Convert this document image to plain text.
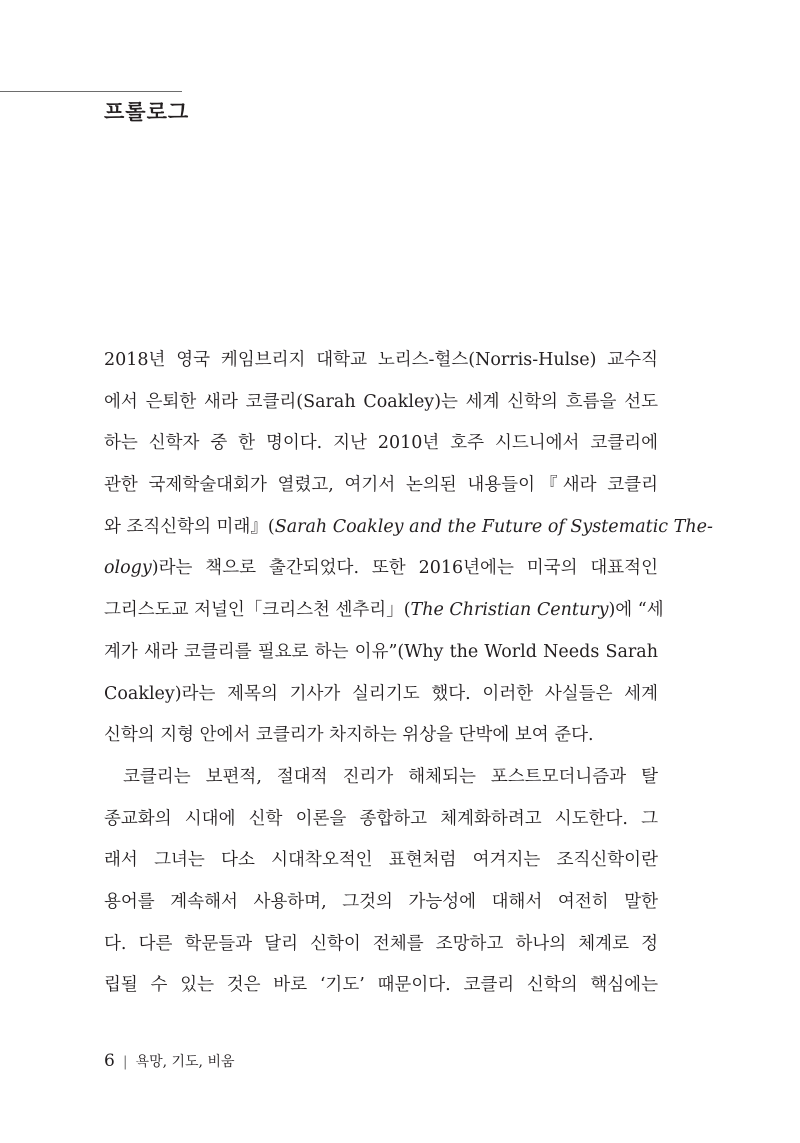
프롤로그
2018년 영국 케임브리지 대학교 노리스-헐스(Norris-Hulse) 교수직
에서 은퇴한 새라 코클리(Sarah Coakley)는 세계 신학의 흐름을 선도
하는 신학자 중 한 명이다. 지난 2010년 호주 시드니에서 코클리에
관한 국제학술대회가 열렸고, 여기서 논의된 내용들이『새라 코클리
와 조직신학의 미래』(Sarah Coakley and the Future of Systematic The-
ology)라는 책으로 출간되었다. 또한 2016년에는 미국의 대표적인
그리스도교 저널인「크리스천 센추리」(The Christian Century)에 “세
계가 새라 코클리를 필요로 하는 이유”(Why the World Needs Sarah
Coakley)라는 제목의 기사가 실리기도 했다. 이러한 사실들은 세계
신학의 지형 안에서 코클리가 차지하는 위상을 단박에 보여 준다.
코클리는 보편적, 절대적 진리가 해체되는 포스트모더니즘과 탈
종교화의 시대에 신학 이론을 종합하고 체계화하려고 시도한다. 그
래서 그녀는 다소 시대착오적인 표현처럼 여겨지는 조직신학이란
용어를 계속해서 사용하며, 그것의 가능성에 대해서 여전히 말한
다. 다른 학문들과 달리 신학이 전체를 조망하고 하나의 체계로 정
립될 수 있는 것은 바로 ‘기도’ 때문이다. 코클리 신학의 핵심에는
6 | 욕망, 기도, 비움
